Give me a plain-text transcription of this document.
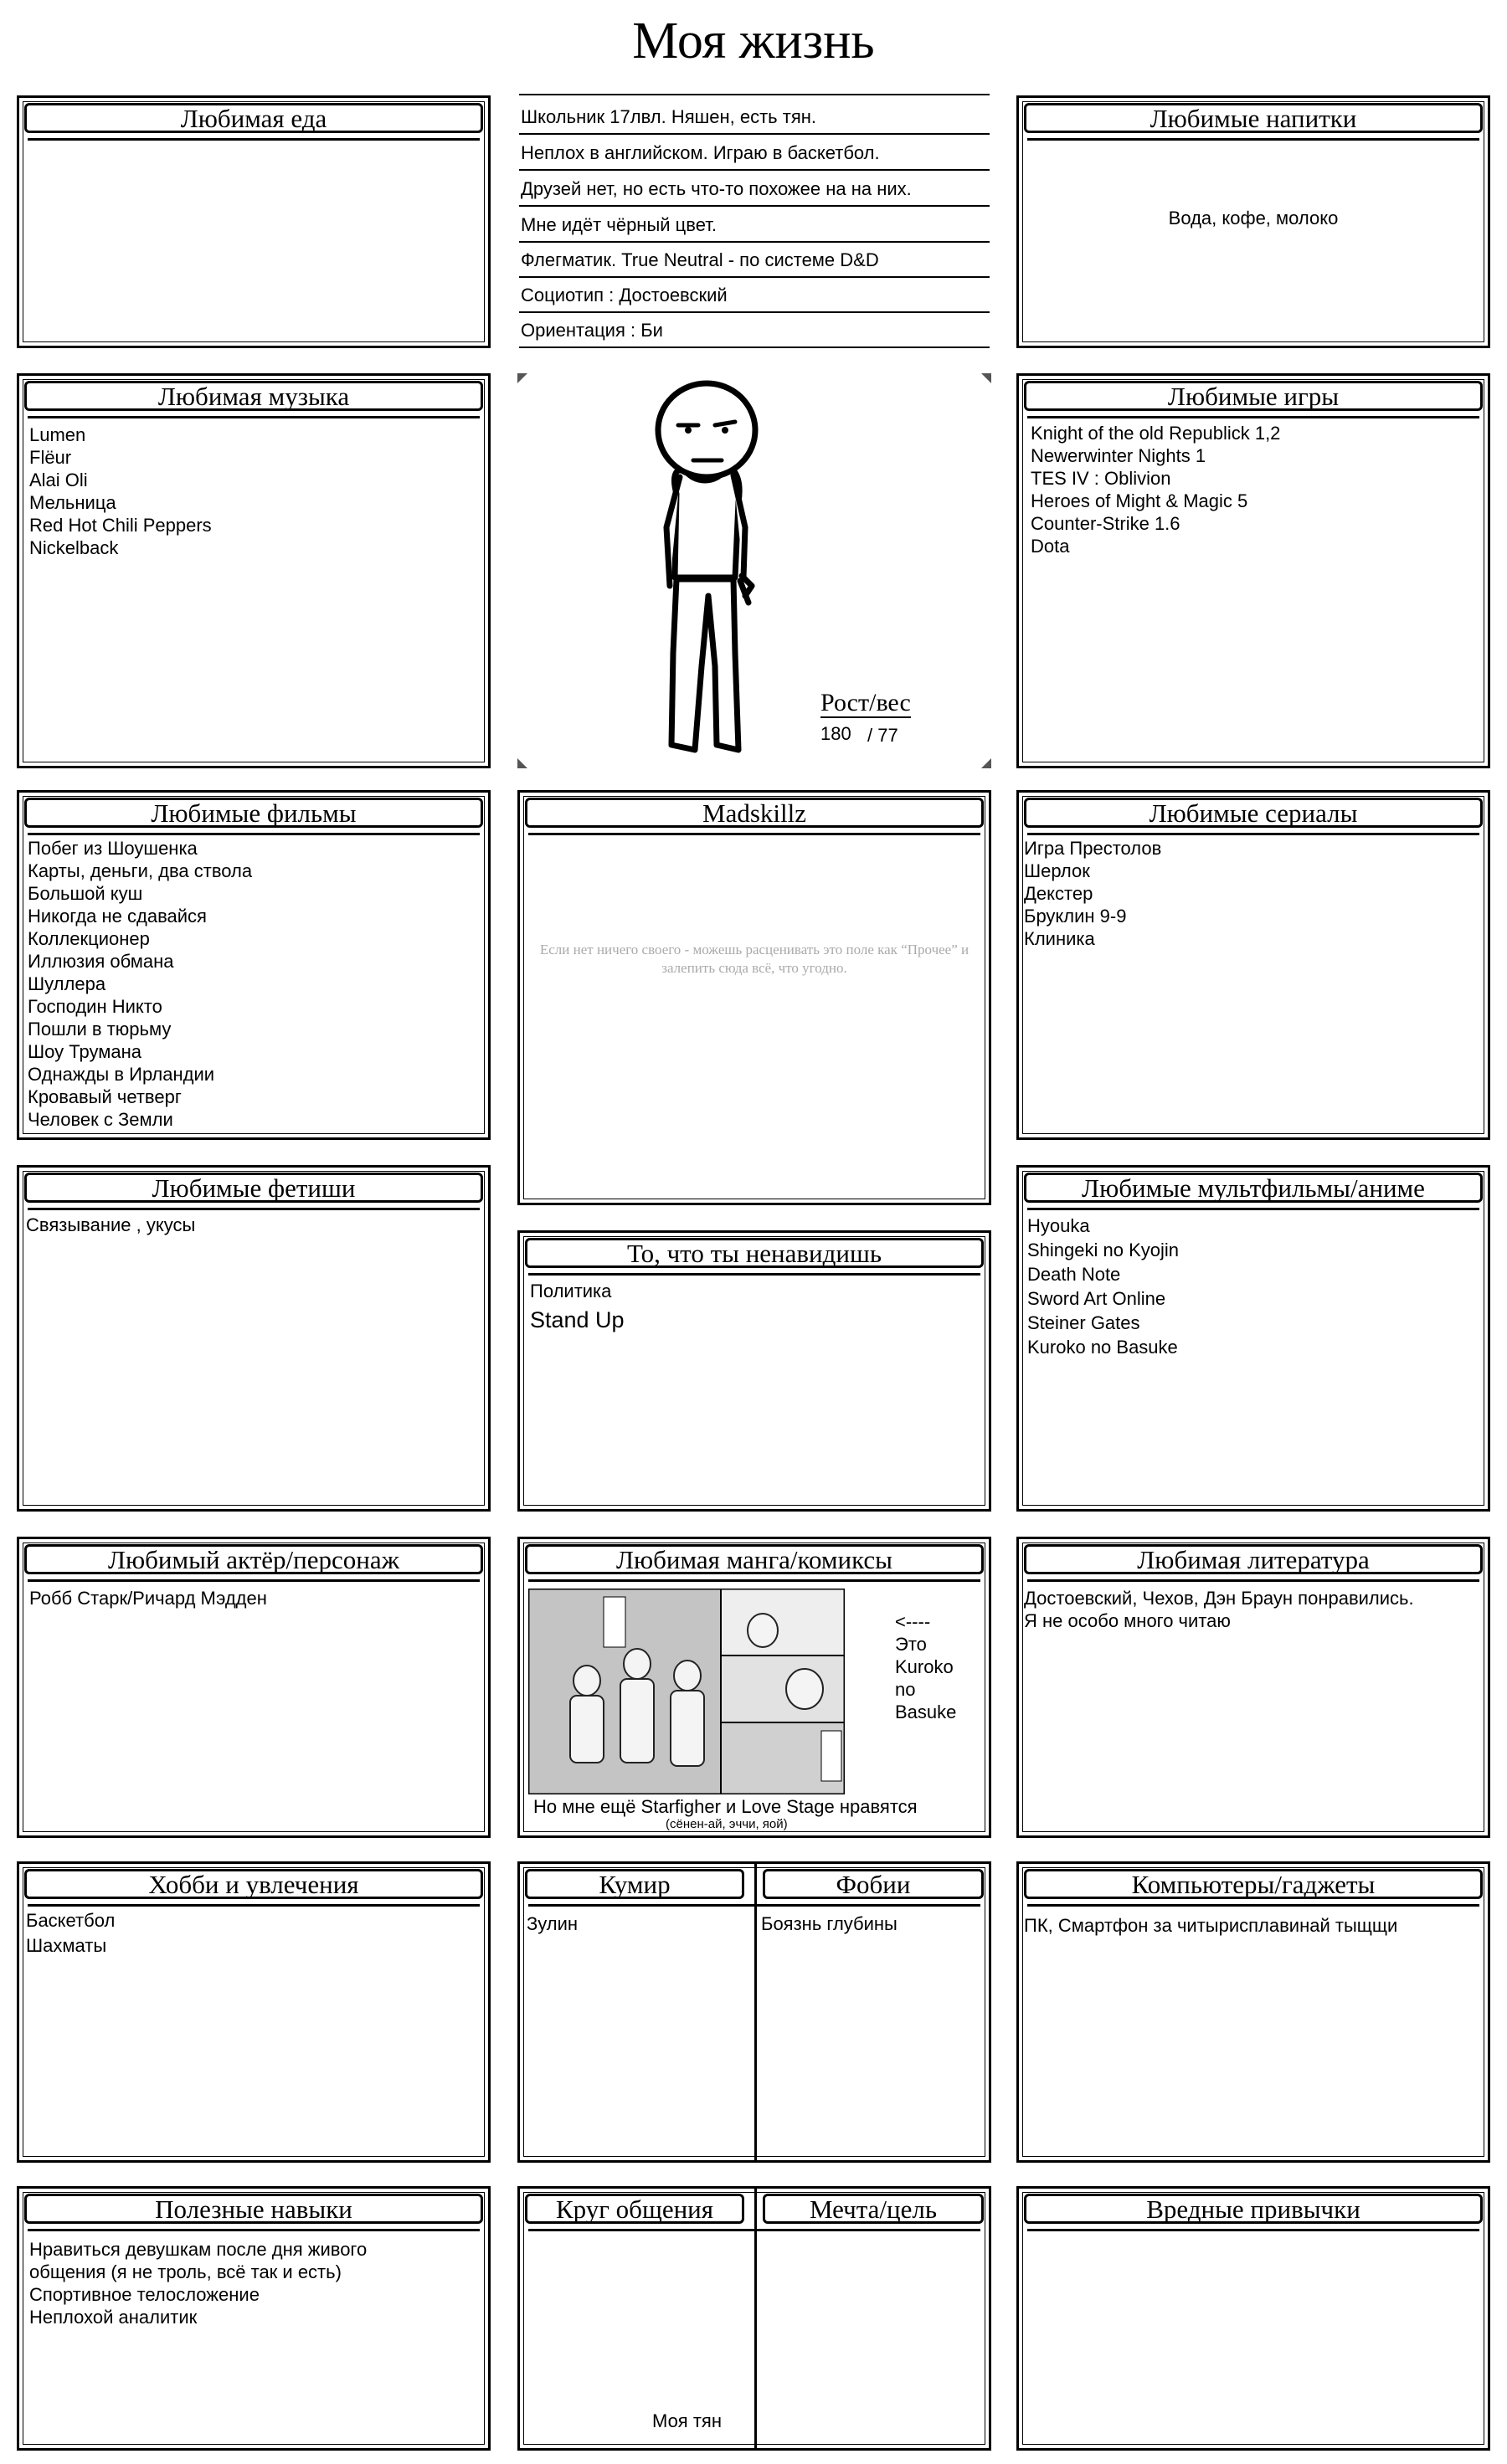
Моя жизнь
Любимая еда	Школьник 17лвл. Няшен, есть тян.
Неплох в английском. Играю в баскетбол.
Друзей нет, но есть что-то похожее на на них.
Мне идёт чёрный цвет.
Флегматик. True Neutral - по системе D&D
Социотип : Достоевский
Ориентация : Би
Любимые напитки
Вода, кофе, молоко
Любимая музыка
Lumen
Flëur
Alai Oli
Мельница
Red Hot Chili Peppers
Nickelback
Рост/вес
180 / 77
Любимые игры
Knight of the old Republick 1,2
Newerwinter Nights 1
TES IV : Oblivion
Heroes of Might & Magic 5
Counter-Strike 1.6
Dota
Любимые фильмы
Побег из Шоушенка
Карты, деньги, два ствола
Большой куш
Никогда не сдавайся
Коллекционер
Иллюзия обмана
Шуллера
Господин Никто
Пошли в тюрьму
Шоу Трумана
Однажды в Ирландии
Кровавый четверг
Человек с Земли
Madskillz
Если нет ничего своего - можешь расценивать это поле как “Прочее” и залепить сюда всё, что угодно.
Любимые сериалы
Игра Престолов
Шерлок
Декстер
Бруклин 9-9
Клиника
Любимые фетиши
Связывание , укусы
То, что ты ненавидишь
Политика
Stand Up
Любимые мультфильмы/аниме
Hyouka
Shingeki no Kyojin
Death Note
Sword Art Online
Steiner Gates
Kuroko no Basuke
Любимый актёр/персонаж
Робб Старк/Ричард Мэдден
Любимая манга/комиксы
<----
Это
Kuroko
no
Basuke
Но мне ещё Starfigher и Love Stage нравятся
(сёнен-ай, эччи, яой)
Любимая литература
Достоевский, Чехов, Дэн Браун понравились.
Я не особо много читаю
Хобби и увлечения
Баскетбол
Шахматы
Кумир	Фобии
Зулин	Боязнь глубины
Компьютеры/гаджеты
ПК, Смартфон за читырисплавинай тыщщи
Полезные навыки
Нравиться девушкам после дня живого
общения (я не троль, всё так и есть)
Спортивное телосложение
Неплохой аналитик
Круг общения	Мечта/цель
Моя тян
Вредные привычки
